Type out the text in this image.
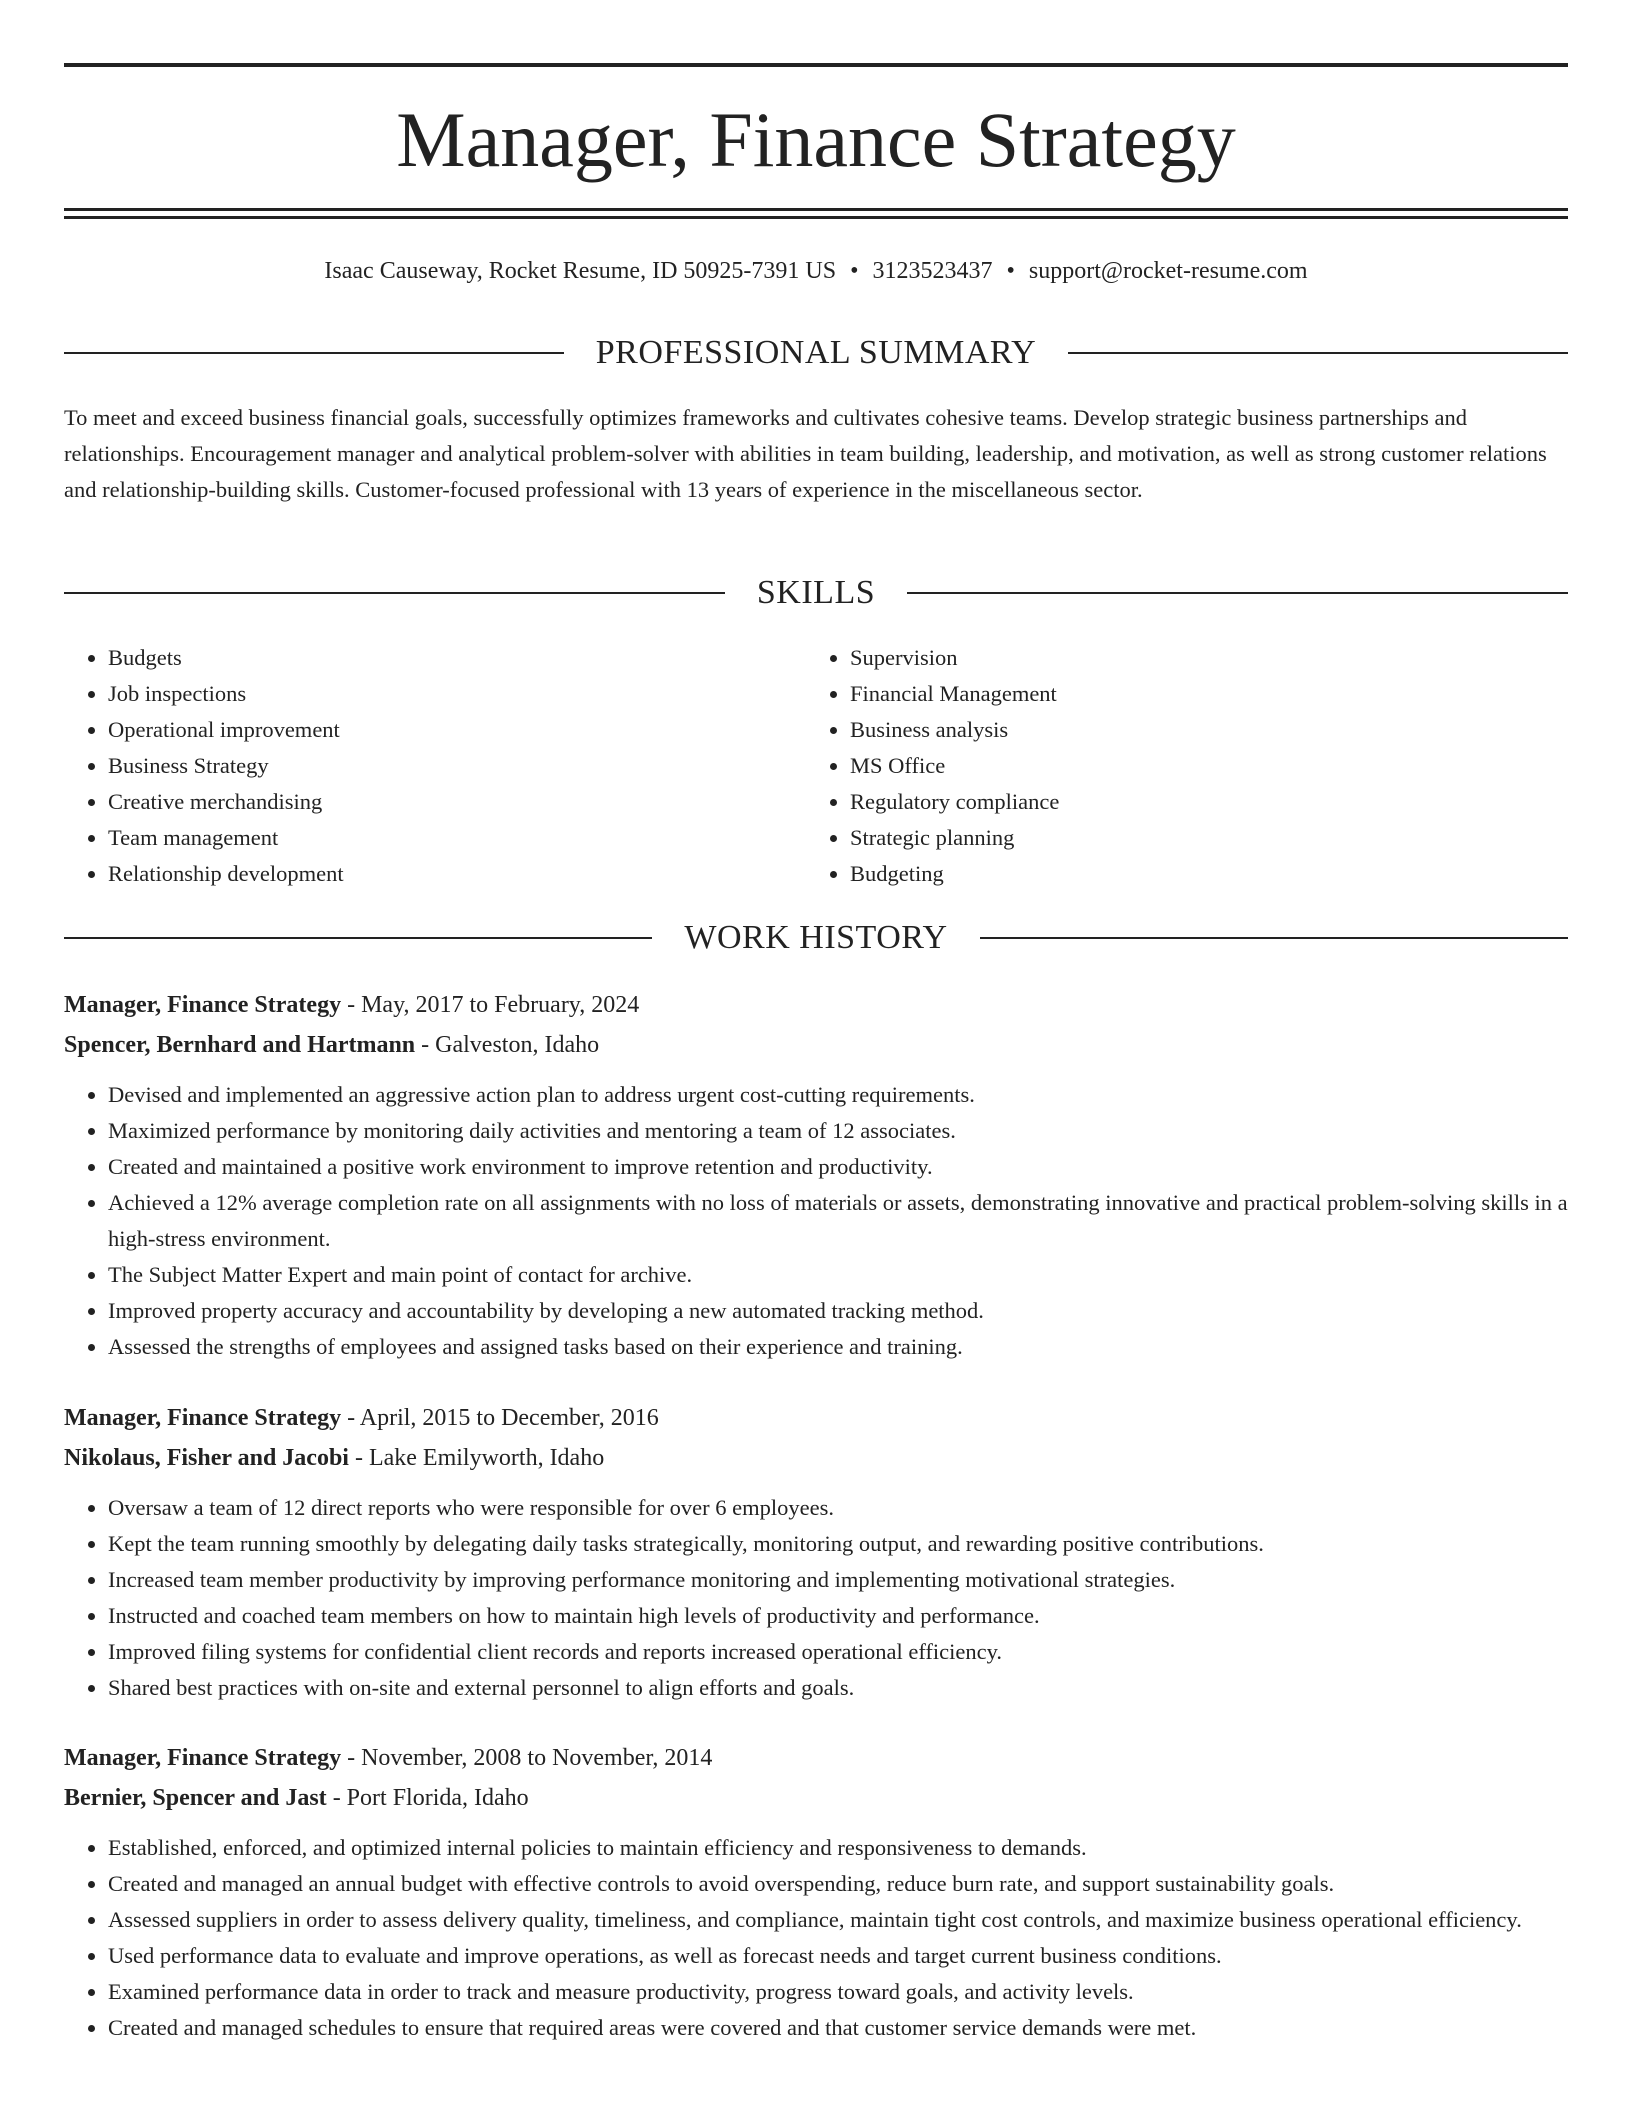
Manager, Finance Strategy
Isaac Causeway, Rocket Resume, ID 50925-7391 US • 3123523437 • support@rocket-resume.com
PROFESSIONAL SUMMARY

To meet and exceed business financial goals, successfully optimizes frameworks and cultivates cohesive teams. Develop strategic business partnerships and relationships. Encouragement manager and analytical problem-solver with abilities in team building, leadership, and motivation, as well as strong customer relations and relationship-building skills. Customer-focused professional with 13 years of experience in the miscellaneous sector.

SKILLS
• Budgets
• Job inspections
• Operational improvement
• Business Strategy
• Creative merchandising
• Team management
• Relationship development
• Supervision
• Financial Management
• Business analysis
• MS Office
• Regulatory compliance
• Strategic planning
• Budgeting
WORK HISTORY
Manager, Finance Strategy - May, 2017 to February, 2024
Spencer, Bernhard and Hartmann - Galveston, Idaho
• Devised and implemented an aggressive action plan to address urgent cost-cutting requirements.
• Maximized performance by monitoring daily activities and mentoring a team of 12 associates.
• Created and maintained a positive work environment to improve retention and productivity.
• Achieved a 12% average completion rate on all assignments with no loss of materials or assets, demonstrating innovative and practical problem-solving skills in a high-stress environment.
• The Subject Matter Expert and main point of contact for archive.
• Improved property accuracy and accountability by developing a new automated tracking method.
• Assessed the strengths of employees and assigned tasks based on their experience and training.
Manager, Finance Strategy - April, 2015 to December, 2016
Nikolaus, Fisher and Jacobi - Lake Emilyworth, Idaho
• Oversaw a team of 12 direct reports who were responsible for over 6 employees.
• Kept the team running smoothly by delegating daily tasks strategically, monitoring output, and rewarding positive contributions.
• Increased team member productivity by improving performance monitoring and implementing motivational strategies.
• Instructed and coached team members on how to maintain high levels of productivity and performance.
• Improved filing systems for confidential client records and reports increased operational efficiency.
• Shared best practices with on-site and external personnel to align efforts and goals.
Manager, Finance Strategy - November, 2008 to November, 2014
Bernier, Spencer and Jast - Port Florida, Idaho
• Established, enforced, and optimized internal policies to maintain efficiency and responsiveness to demands.
• Created and managed an annual budget with effective controls to avoid overspending, reduce burn rate, and support sustainability goals.
• Assessed suppliers in order to assess delivery quality, timeliness, and compliance, maintain tight cost controls, and maximize business operational efficiency.
• Used performance data to evaluate and improve operations, as well as forecast needs and target current business conditions.
• Examined performance data in order to track and measure productivity, progress toward goals, and activity levels.
• Created and managed schedules to ensure that required areas were covered and that customer service demands were met.
